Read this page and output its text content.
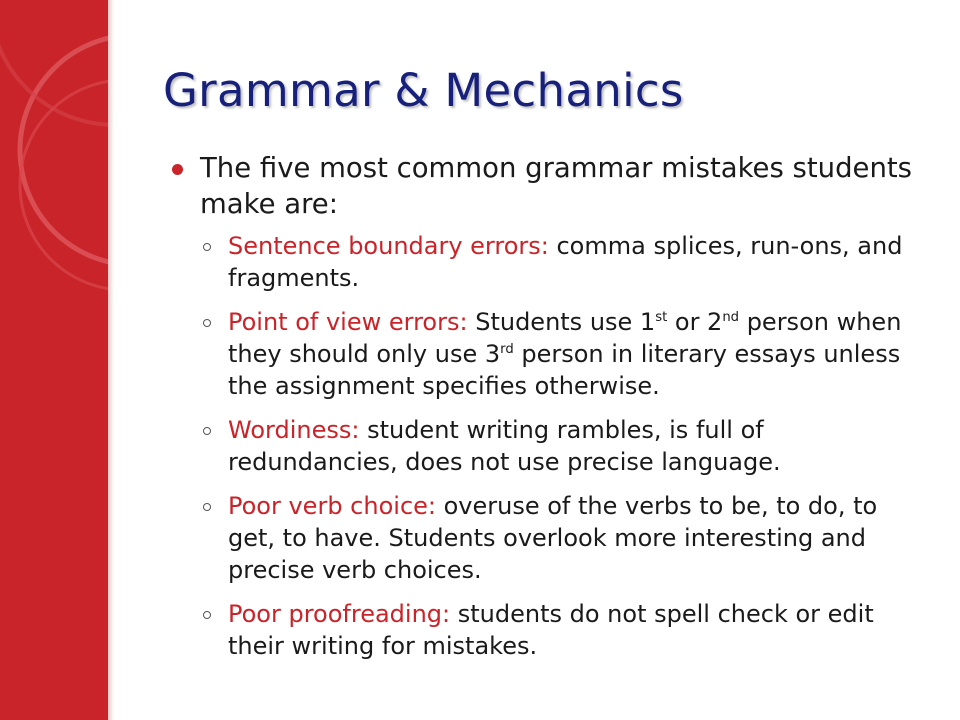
Grammar & Mechanics
The five most common grammar mistakes students make are:
Sentence boundary errors: comma splices, run-ons, and fragments.
Point of view errors: Students use 1st or 2nd person when they should only use 3rd person in literary essays unless the assignment specifies otherwise.
Wordiness: student writing rambles, is full of redundancies, does not use precise language.
Poor verb choice: overuse of the verbs to be, to do, to get, to have. Students overlook more interesting and precise verb choices.
Poor proofreading: students do not spell check or edit their writing for mistakes.
